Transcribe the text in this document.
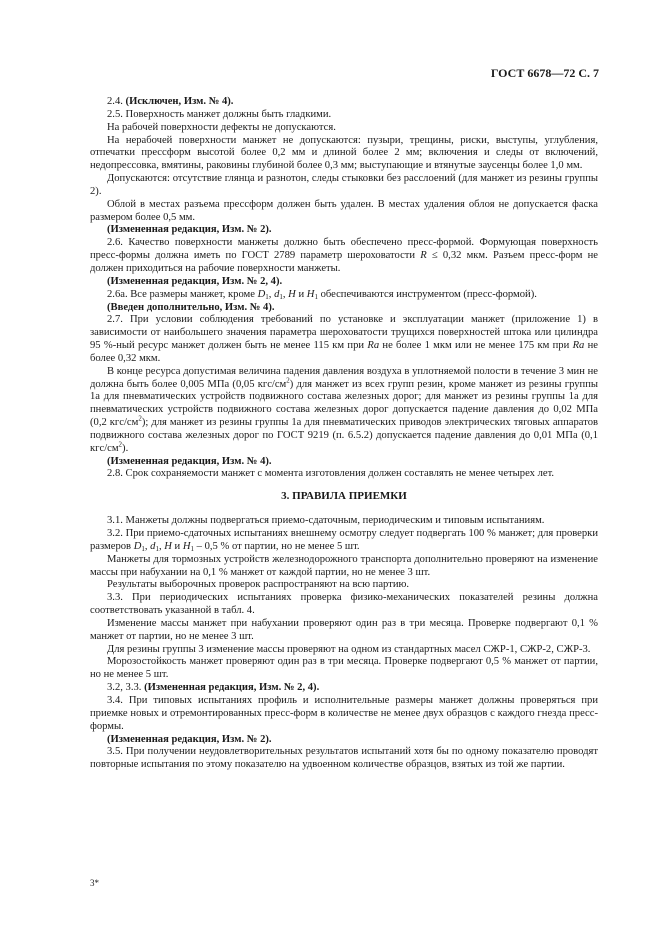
ГОСТ 6678—72 С. 7

2.4. (Исключен, Изм. № 4).

2.5. Поверхность манжет должны быть гладкими.

На рабочей поверхности дефекты не допускаются.

На нерабочей поверхности манжет не допускаются: пузыри, трещины, риски, выступы, углубления, отпечатки прессформ высотой более 0,2 мм и длиной более 2 мм; включения и следы от включений, недопрессовка, вмятины, раковины глубиной более 0,3 мм; выступающие и втянутые заусенцы более 1,0 мм.

Допускаются: отсутствие глянца и разнотон, следы стыковки без расслоений (для манжет из резины группы 2).

Облой в местах разъема прессформ должен быть удален. В местах удаления облоя не допускается фаска размером более 0,5 мм.

(Измененная редакция, Изм. № 2).

2.6. Качество поверхности манжеты должно быть обеспечено пресс-формой. Формующая поверхность пресс-формы должна иметь по ГОСТ 2789 параметр шероховатости R ≤ 0,32 мкм. Разъем пресс-форм не должен приходиться на рабочие поверхности манжеты.

(Измененная редакция, Изм. № 2, 4).

2.6а. Все размеры манжет, кроме $D_1$, $d_1$, H и $H_1$ обеспечиваются инструментом (пресс-формой).

(Введен дополнительно, Изм. № 4).

2.7. При условии соблюдения требований по установке и эксплуатации манжет (приложение 1) в зависимости от наибольшего значения параметра шероховатости трущихся поверхностей штока или цилиндра 95 %-ный ресурс манжет должен быть не менее 115 км при Ra не более 1 мкм или не менее 175 км при Ra не более 0,32 мкм.

В конце ресурса допустимая величина падения давления воздуха в уплотняемой полости в течение 3 мин не должна быть более 0,005 МПа (0,05 кгс/$см^2$) для манжет из всех групп резин, кроме манжет из резины группы 1а для пневматических устройств подвижного состава железных дорог; для манжет из резины группы 1а для пневматических устройств подвижного состава железных дорог допускается падение давления до 0,02 МПа (0,2 кгс/$см^2$); для манжет из резины группы 1а для пневматических приводов электрических тяговых аппаратов подвижного состава железных дорог по ГОСТ 9219 (п. 6.5.2) допускается падение давления до 0,01 МПа (0,1 кгс/$см^2$).

(Измененная редакция, Изм. № 4).

2.8. Срок сохраняемости манжет с момента изготовления должен составлять не менее четырех лет.

3. ПРАВИЛА ПРИЕМКИ

3.1. Манжеты должны подвергаться приемо-сдаточным, периодическим и типовым испытаниям.

3.2. При приемо-сдаточных испытаниях внешнему осмотру следует подвергать 100 % манжет; для проверки размеров $D_1$, $d_1$, H и $H_1 - 0,5$ % от партии, но не менее 5 шт.

Манжеты для тормозных устройств железнодорожного транспорта дополнительно проверяют на изменение массы при набухании на 0,1 % манжет от каждой партии, но не менее 3 шт.

Результаты выборочных проверок распространяют на всю партию.

3.3. При периодических испытаниях проверка физико-механических показателей резины должна соответствовать указанной в табл. 4.

Изменение массы манжет при набухании проверяют один раз в три месяца. Проверке подвергают 0,1 % манжет от партии, но не менее 3 шт.

Для резины группы 3 изменение массы проверяют на одном из стандартных масел СЖР-1, СЖР-2, СЖР-3.

Морозостойкость манжет проверяют один раз в три месяца. Проверке подвергают 0,5 % манжет от партии, но не менее 5 шт.

3.2, 3.3. (Измененная редакция, Изм. № 2, 4).

3.4. При типовых испытаниях профиль и исполнительные размеры манжет должны проверяться при приемке новых и отремонтированных пресс-форм в количестве не менее двух образцов с каждого гнезда пресс-формы.

(Измененная редакция, Изм. № 2).

3.5. При получении неудовлетворительных результатов испытаний хотя бы по одному показателю проводят повторные испытания по этому показателю на удвоенном количестве образцов, взятых из той же партии.

3*
